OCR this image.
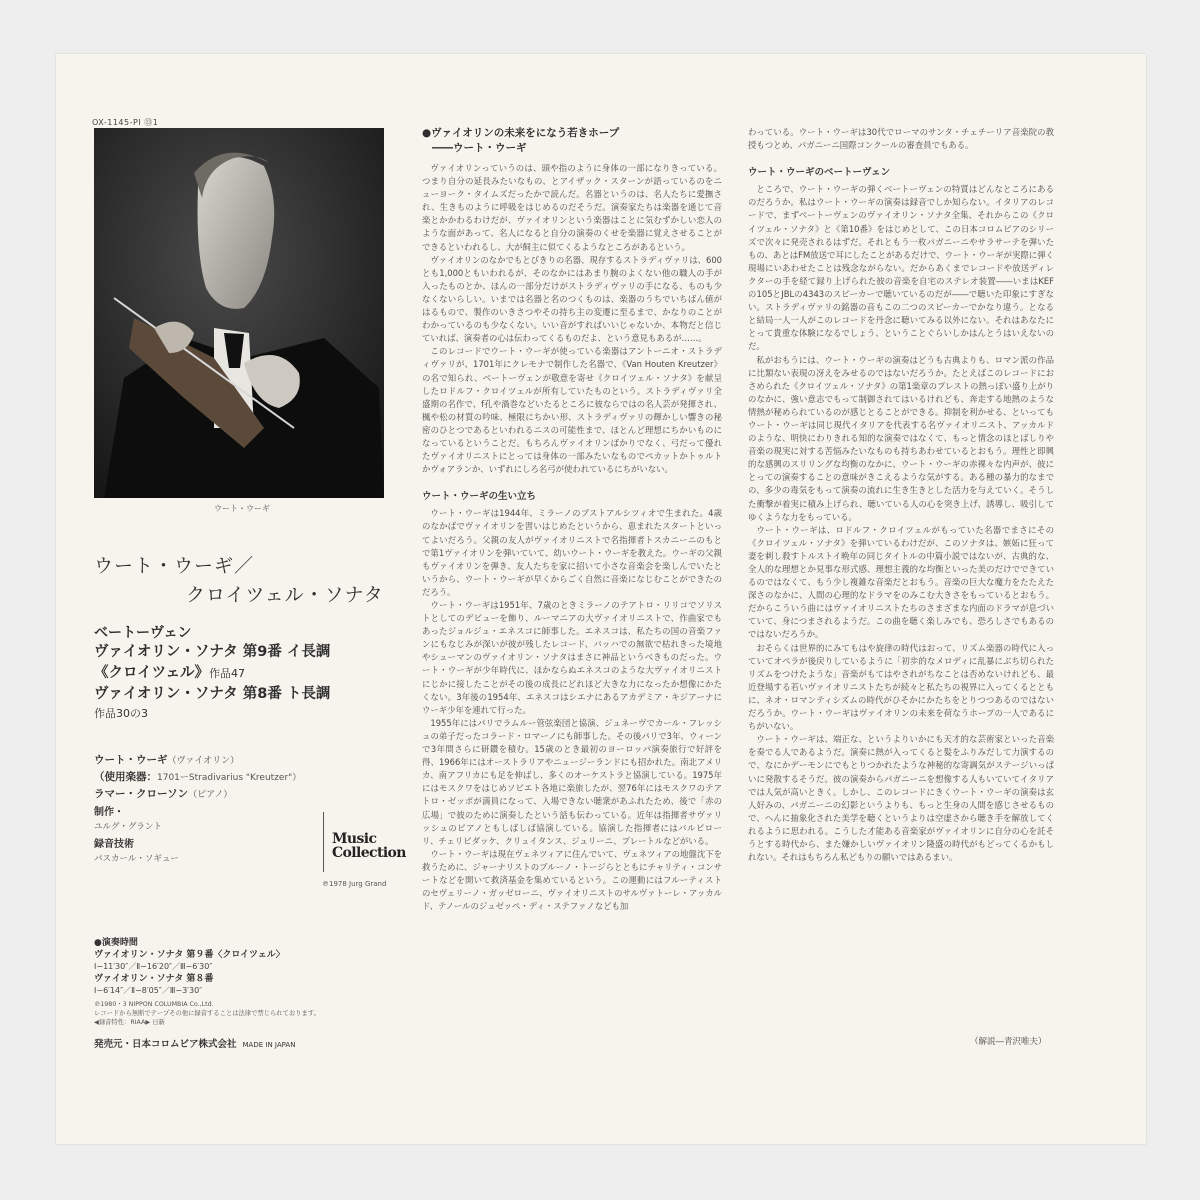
OX-1145-PI ⑬1
ウート・ウーギ
ウート・ウーギ／
クロイツェル・ソナタ
ベートーヴェン
ヴァイオリン・ソナタ 第9番 イ長調
《クロイツェル》作品47
ヴァイオリン・ソナタ 第8番 ト長調
作品30の3
ウート・ウーギ（ヴァイオリン）
（使用楽器：1701ーStradivarius "Kreutzer"）
ラマー・クローソン（ピアノ）
制作・
ユルグ・グラント
録音技術
パスカール・ソギュー
Music
Collection
℗1978 Jurg Grand
●演奏時間
ヴァイオリン・ソナタ 第９番〈クロイツェル〉
Ⅰ−11′30″／Ⅱ−16′20″／Ⅲ−6′30″
ヴァイオリン・ソナタ 第８番
Ⅰ−6′14″／Ⅱ−8′05″／Ⅲ−3′30″
℗1980・3 NIPPON COLUMBIA Co.,Ltd.
レコードから無断でテープその他に録音することは法律で禁じられております。
◀録音特性：RIAA▶ 日新
発売元・日本コロムビア株式会社 MADE IN JAPAN

●ヴァイオリンの未来をになう若きホープ

――ウート・ウーギ

ヴァイオリンっていうのは、頭や指のように身体の一部になりきっている。つまり自分の延長みたいなもの、とアイザック・スターンが語っているのをニューヨーク・タイムズだったかで読んだ。名器というのは、名人たちに愛撫され、生きものように呼吸をはじめるのだそうだ。演奏家たちは楽器を通じて音楽とかかわるわけだが、ヴァイオリンという楽器はことに気むずかしい恋人のような面があって、名人になると自分の演奏のくせを楽器に覚えさせることができるといわれるし、大が飼主に似てくるようなところがあるという。

ヴァイオリンのなかでもとびきりの名器、現存するストラディヴァリは、600とも1,000ともいわれるが、そのなかにはあまり腕のよくない他の職人の手が入ったものとか、ほんの一部分だけがストラディヴァリの手になる、ものも少なくないらしい。いまでは名器と名のつくものは、楽器のうちでいちばん値がはるもので、製作のいきさつやその持ち主の変遷に至るまで、かなりのことがわかっているのも少なくない。いい音がすればいいじゃないか、本物だと信じていれば、演奏者の心は伝わってくるものだよ、という意見もあるが……。

このレコードでウート・ウーギが使っている楽器はアントーニオ・ストラディヴァリが、1701年にクレモナで制作した名器で、《Van Houten Kreutzer》の名で知られ、ベートーヴェンが敬意を寄せ《クロイツェル・ソナタ》を献呈したロドルフ・クロイツェルが所有していたものという。ストラディヴァリ全盛期の名作で、f孔や渦巻などいたるところに彼ならではの名人芸が発揮され、楓や松の材質の吟味、極限にちかい形、ストラディヴァリの輝かしい響きの秘密のひとつであるといわれるニスの可能性まで、ほとんど理想にちかいものになっているということだ。もちろんヴァイオリンばかりでなく、弓だって優れたヴァイオリニストにとっては身体の一部みたいなものでペカットかトゥルトかヴォアランか、いずれにしろ名弓が使われているにちがいない。

ウート・ウーギの生い立ち

ウート・ウーギは1944年、ミラーノのブストアルシツィオで生まれた。4歳のなかばでヴァイオリンを習いはじめたというから、恵まれたスタートといってよいだろう。父親の友人がヴァイオリニストで名指揮者トスカニーニのもとで第1ヴァイオリンを弾いていて、幼いウート・ウーギを教えた。ウーギの父親もヴァイオリンを弾き、友人たちを家に招いて小さな音楽会を楽しんでいたというから、ウート・ウーギが早くからごく自然に音楽になじむことができたのだろう。

ウート・ウーギは1951年、7歳のときミラーノのテアトロ・リリコでソリストとしてのデビューを飾り、ルーマニアの大ヴァイオリニストで、作曲家でもあったジョルジュ・エネスコに師事した。エネスコは、私たちの国の音楽ファンにもなじみが深いが彼が残したレコード、バッハでの無欲で枯れきった境地やシューマンのヴァイオリン・ソナタはまさに神品というべきものだった。ウート・ウーギが少年時代に、ほかならぬエネスコのような大ヴァイオリニストにじかに接したことがその後の成長にどれほど大きな力になったか想像にかたくない。3年後の1954年、エネスコはシエナにあるアカデミア・キジアーナにウーギ少年を連れて行った。

1955年にはパリでラムルー管弦楽団と協演、ジュネーヴでカール・フレッシュの弟子だったコラード・ロマーノにも師事した。その後パリで3年、ウィーンで3年間さらに研鑽を積む。15歳のとき最初のヨーロッパ演奏旅行で好評を得、1966年にはオーストラリアやニュージーランドにも招かれた。南北アメリカ、南アフリカにも足を伸ばし、多くのオーケストラと協演している。1975年にはモスクワをはじめソビエト各地に楽旅したが、翌76年にはモスクワのテアトロ・ゼッポが満員になって、入場できない聴衆があふれたため、後で「赤の広場」で彼のために演奏したという話も伝わっている。近年は指揮者サヴァリッシュのピアノともしばしば協演している。協演した指揮者にはバルビローリ、チェリビダッケ、クリュイタンス、ジュリーニ、プレートルなどがいる。

ウート・ウーギは現在ヴェネツィアに住んでいて、ヴェネツィアの地盤沈下を救うために、ジャーナリストのブルーノ・トージらとともにチャリティ・コンサートなどを開いて救済基金を集めているという。この運動にはフルーティストのセヴェリーノ・ガッゼローニ、ヴァイオリニストのサルヴァトーレ・アッカルド、テノールのジュゼッペ・ディ・ステファノなども加

わっている。ウート・ウーギは30代でローマのサンタ・チェチーリア音楽院の教授もつとめ、パガニーニ国際コンクールの審査員でもある。

ウート・ウーギのベートーヴェン

ところで、ウート・ウーギの弾くベートーヴェンの特質はどんなところにあるのだろうか。私はウート・ウーギの演奏は録音でしか知らない。イタリアのレコードで、まずベートーヴェンのヴァイオリン・ソナタ全集、それからこの《クロイツェル・ソナタ》と《第10番》をはじめとして、この日本コロムビアのシリーズで次々に発売されるはずだ。それともう一枚パガニーニやサラサーテを弾いたもの、あとはFM放送で耳にしたことがあるだけで、ウート・ウーギが実際に弾く現場にいあわせたことは残念ながらない。だからあくまでレコードや放送ディレクターの手を経て録り上げられた彼の音楽を自宅のステレオ装置――いまはKEFの105とJBLの4343のスピーカーで聴いているのだが――で聴いた印象にすぎない。ストラディヴァリの銘器の音もこの二つのスピーカーでかなり違う。となると結局一人一人がこのレコードを丹念に聴いてみる以外にない。それはあなたにとって貴重な体験になるでしょう、ということぐらいしかはんとうはいえないのだ。

私がおもうには、ウート・ウーギの演奏はどうも古典よりも、ロマン派の作品に比類ない表現の冴えをみせるのではないだろうか。たとえばこのレコードにおさめられた《クロイツェル・ソナタ》の第1楽章のプレストの熱っぽい盛り上がりのなかに、強い意志でもって制御されてはいるけれども、奔走する地熱のような情熱が秘められているのが感じとることができる。抑制を利かせる、といってもウート・ウーギは同じ現代イタリアを代表する名ヴァイオリニスト、アッカルドのような、明快にわりきれる知的な演奏ではなくて、もっと情念のほとばしりや音楽の現実に対する苦悩みたいなものも持ちあわせているとおもう。理性と即興的な感興のスリリングな均衡のなかに、ウート・ウーギの赤裸々な内声が、彼にとっての演奏することの意味がきこえるような気がする。ある種の暴力的なまでの、多少の毒気をもって演奏の流れに生き生きとした活力を与えていく。そうした衝撃が着実に積み上げられ、聴いている人の心を突き上げ、誘導し、吸引してゆくような力をもっている。

ウート・ウーギは、ロドルフ・クロイツェルがもっていた名器でまさにその《クロイツェル・ソナタ》を弾いているわけだが、このソナタは、嫉妬に狂って妻を刺し殺すトルストイ晩年の同じタイトルの中篇小説ではないが、古典的な、全人的な理想とか見事な形式感、理想主義的な均衡といった美のだけでできているのではなくて、もう少し複雑な音楽だとおもう。音楽の巨大な魔力をたたえた深さのなかに、人間の心理的なドラマをのみこむ大きさをもっているとおもう。だからこういう曲にはヴァイオリニストたちのさまざまな内面のドラマが息づいていて、身につまされるようだ。この曲を聴く楽しみでも、恐ろしさでもあるのではないだろうか。

おそらくは世界的にみてもはや旋律の時代はおって、リズム楽器の時代に入っていてオペラが後戻りしているように「初歩的なメロディに乱暴にぶち切られたリズムをつけたような」音楽がもてはやされがちなことは否めないけれども、最近登場する若いヴァイオリニストたちが続々と私たちの視界に入ってくるとともに、ネオ・ロマンティシズムの時代がひそかにかたちをとりつつあるのではないだろうか。ウート・ウーギはヴァイオリンの未来を荷なうホープの一人であるにちがいない。

ウート・ウーギは、端正な、というよりいかにも天才的な芸術家といった音楽を奏でる人であるようだ。演奏に熱が入ってくると髪をふりみだして力演するので、なにかデーモンにでもとりつかれたような神秘的な寄調気がステージいっぱいに発散するそうだ。彼の演奏からパガニーニを想像する人もいていてイタリアでは人気が高いときく。しかし、このレコードにきくウート・ウーギの演奏は玄人好みの、パガニーニの幻影というよりも、もっと生身の人間を感じさせるもので、へんに抽象化された美学を聴くというよりは空虚さから聴き手を解放してくれるように思われる。こうした才能ある音楽家がヴァイオリンに自分の心を託そうとする時代から、また嫌かしいヴァイオリン隆盛の時代がもどってくるかもしれない。それはもちろん私どもりの願いではあるまい。

（解説―青沢唯夫）
